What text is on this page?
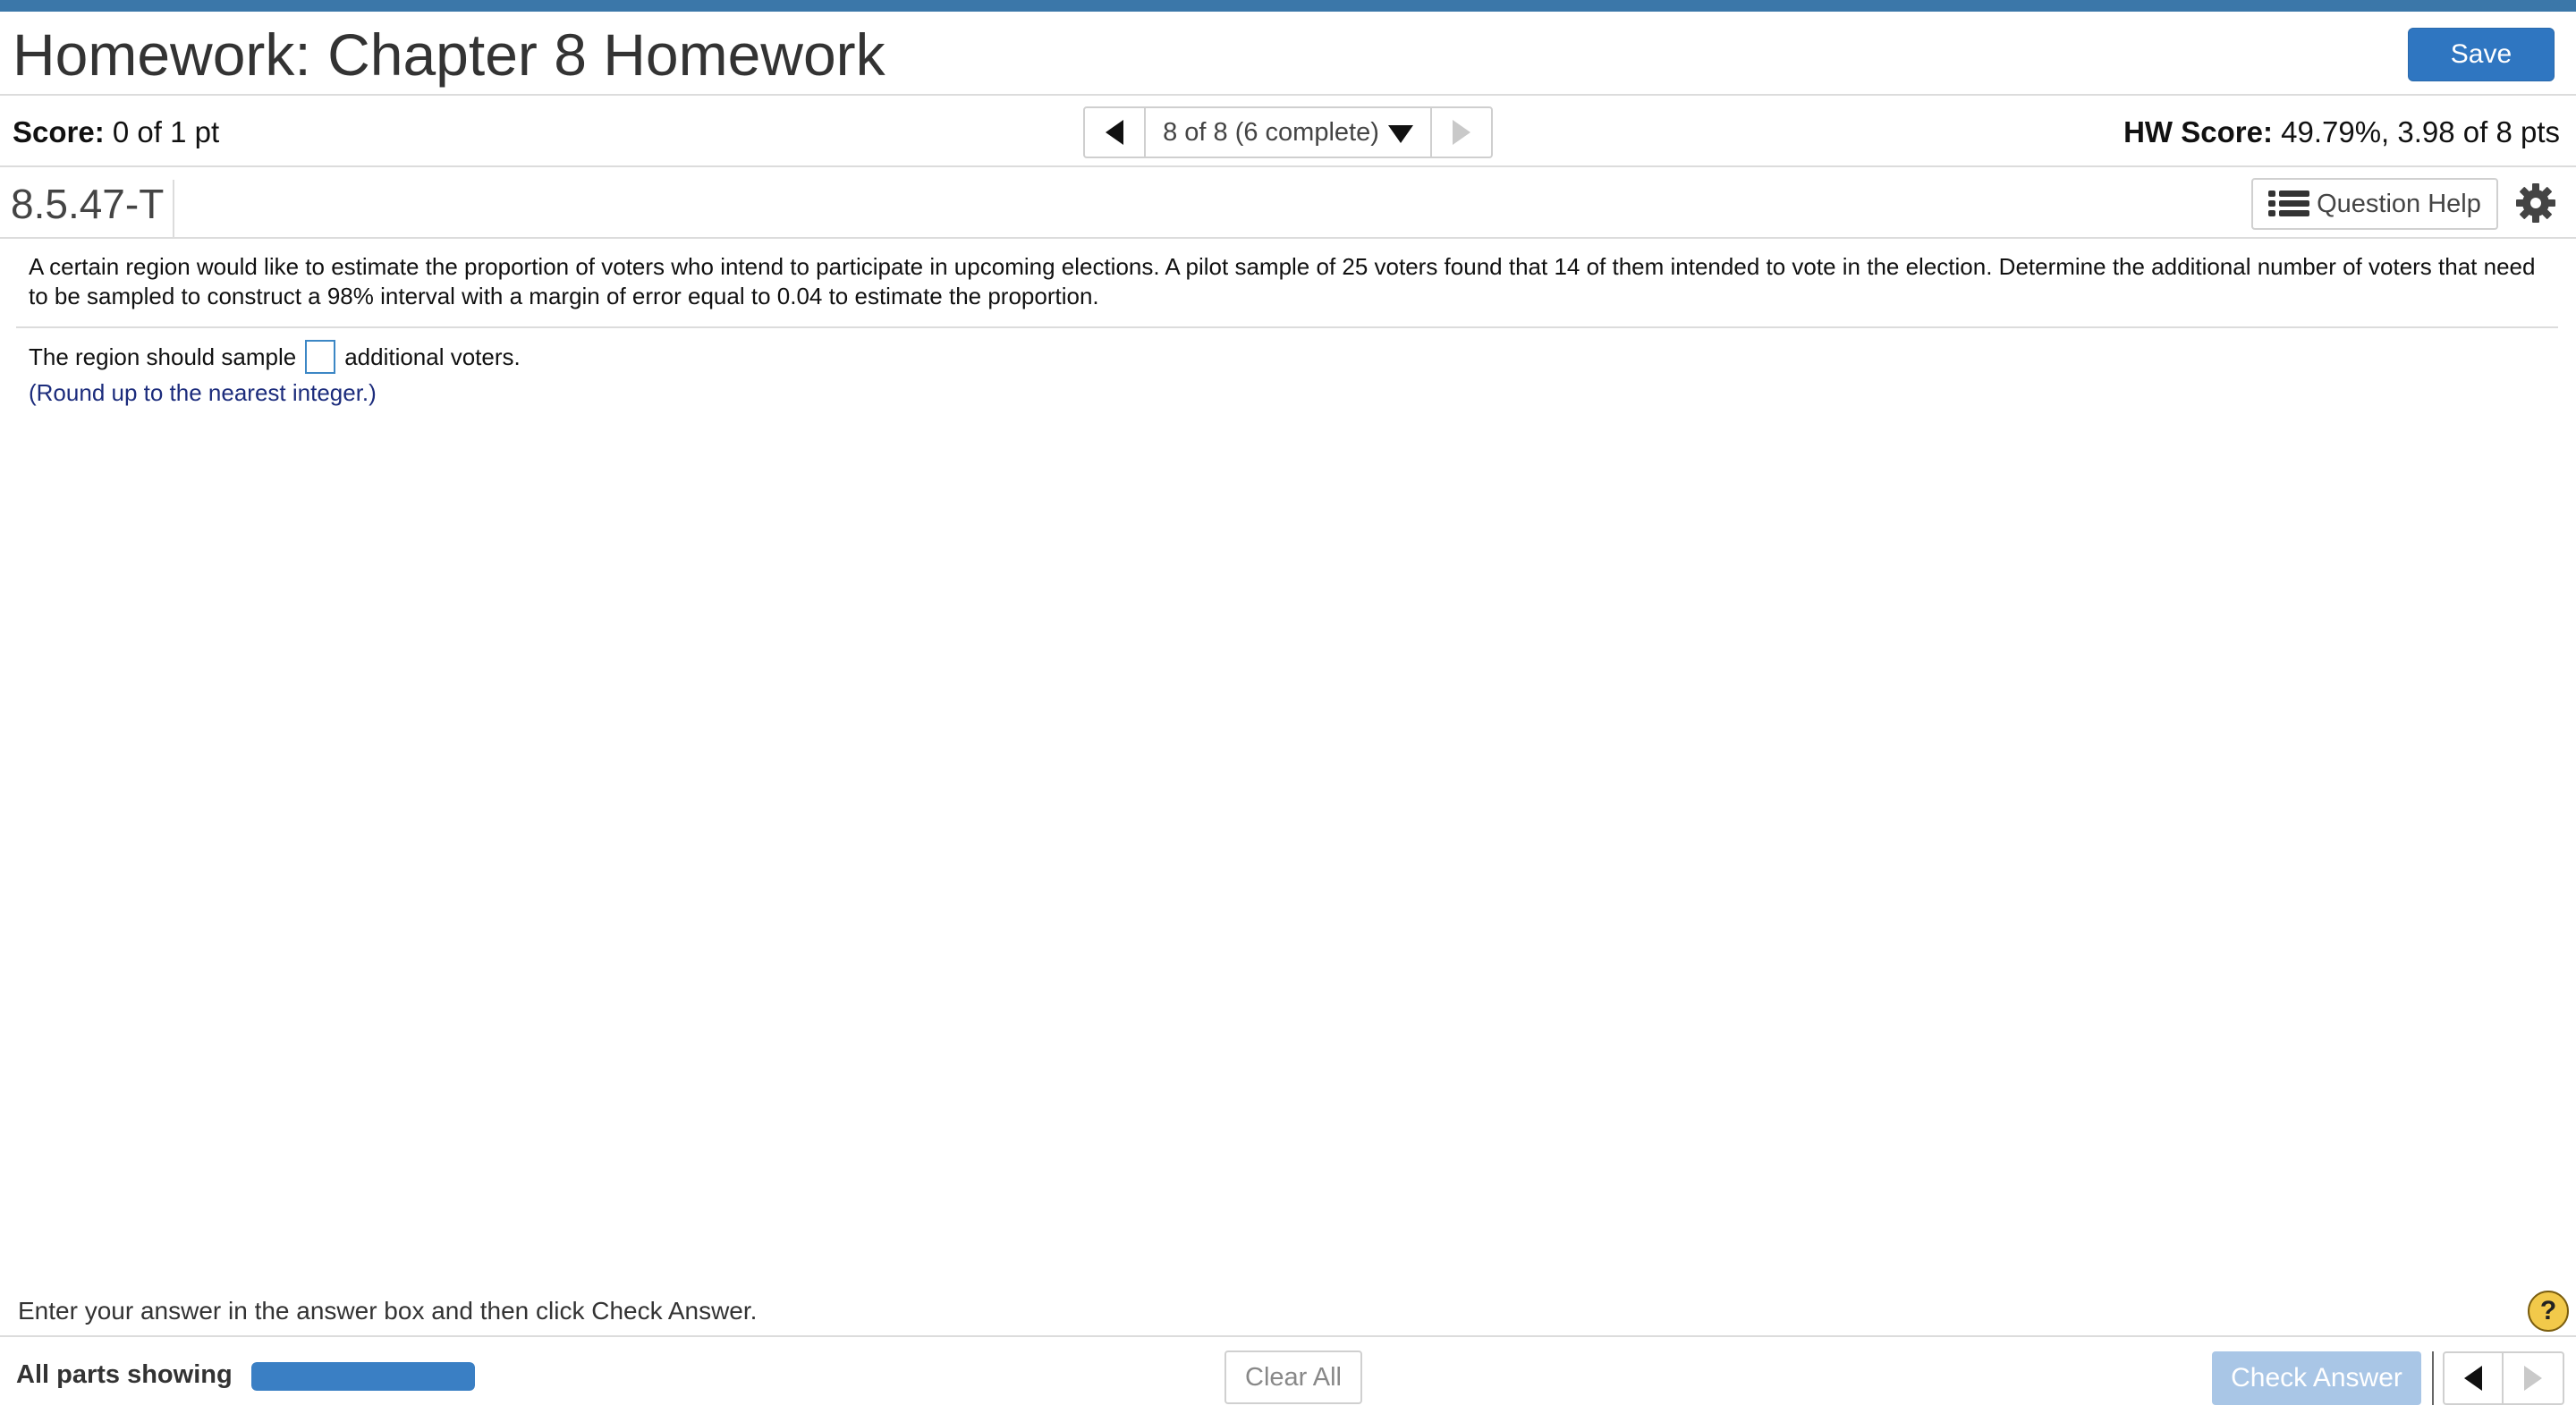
Homework: Chapter 8 Homework	Save
Score: 0 of 1 pt	8 of 8 (6 complete)	HW Score: 49.79%, 3.98 of 8 pts
8.5.47-T	Question Help

A certain region would like to estimate the proportion of voters who intend to participate in upcoming elections. A pilot sample of 25 voters found that 14 of them intended to vote in the election. Determine the additional number of voters that need to be sampled to construct a 98% interval with a margin of error equal to 0.04 to estimate the proportion.

The region should sample additional voters.
(Round up to the nearest integer.)
Enter your answer in the answer box and then click Check Answer.	?
All parts showing	Clear All	Check Answer
